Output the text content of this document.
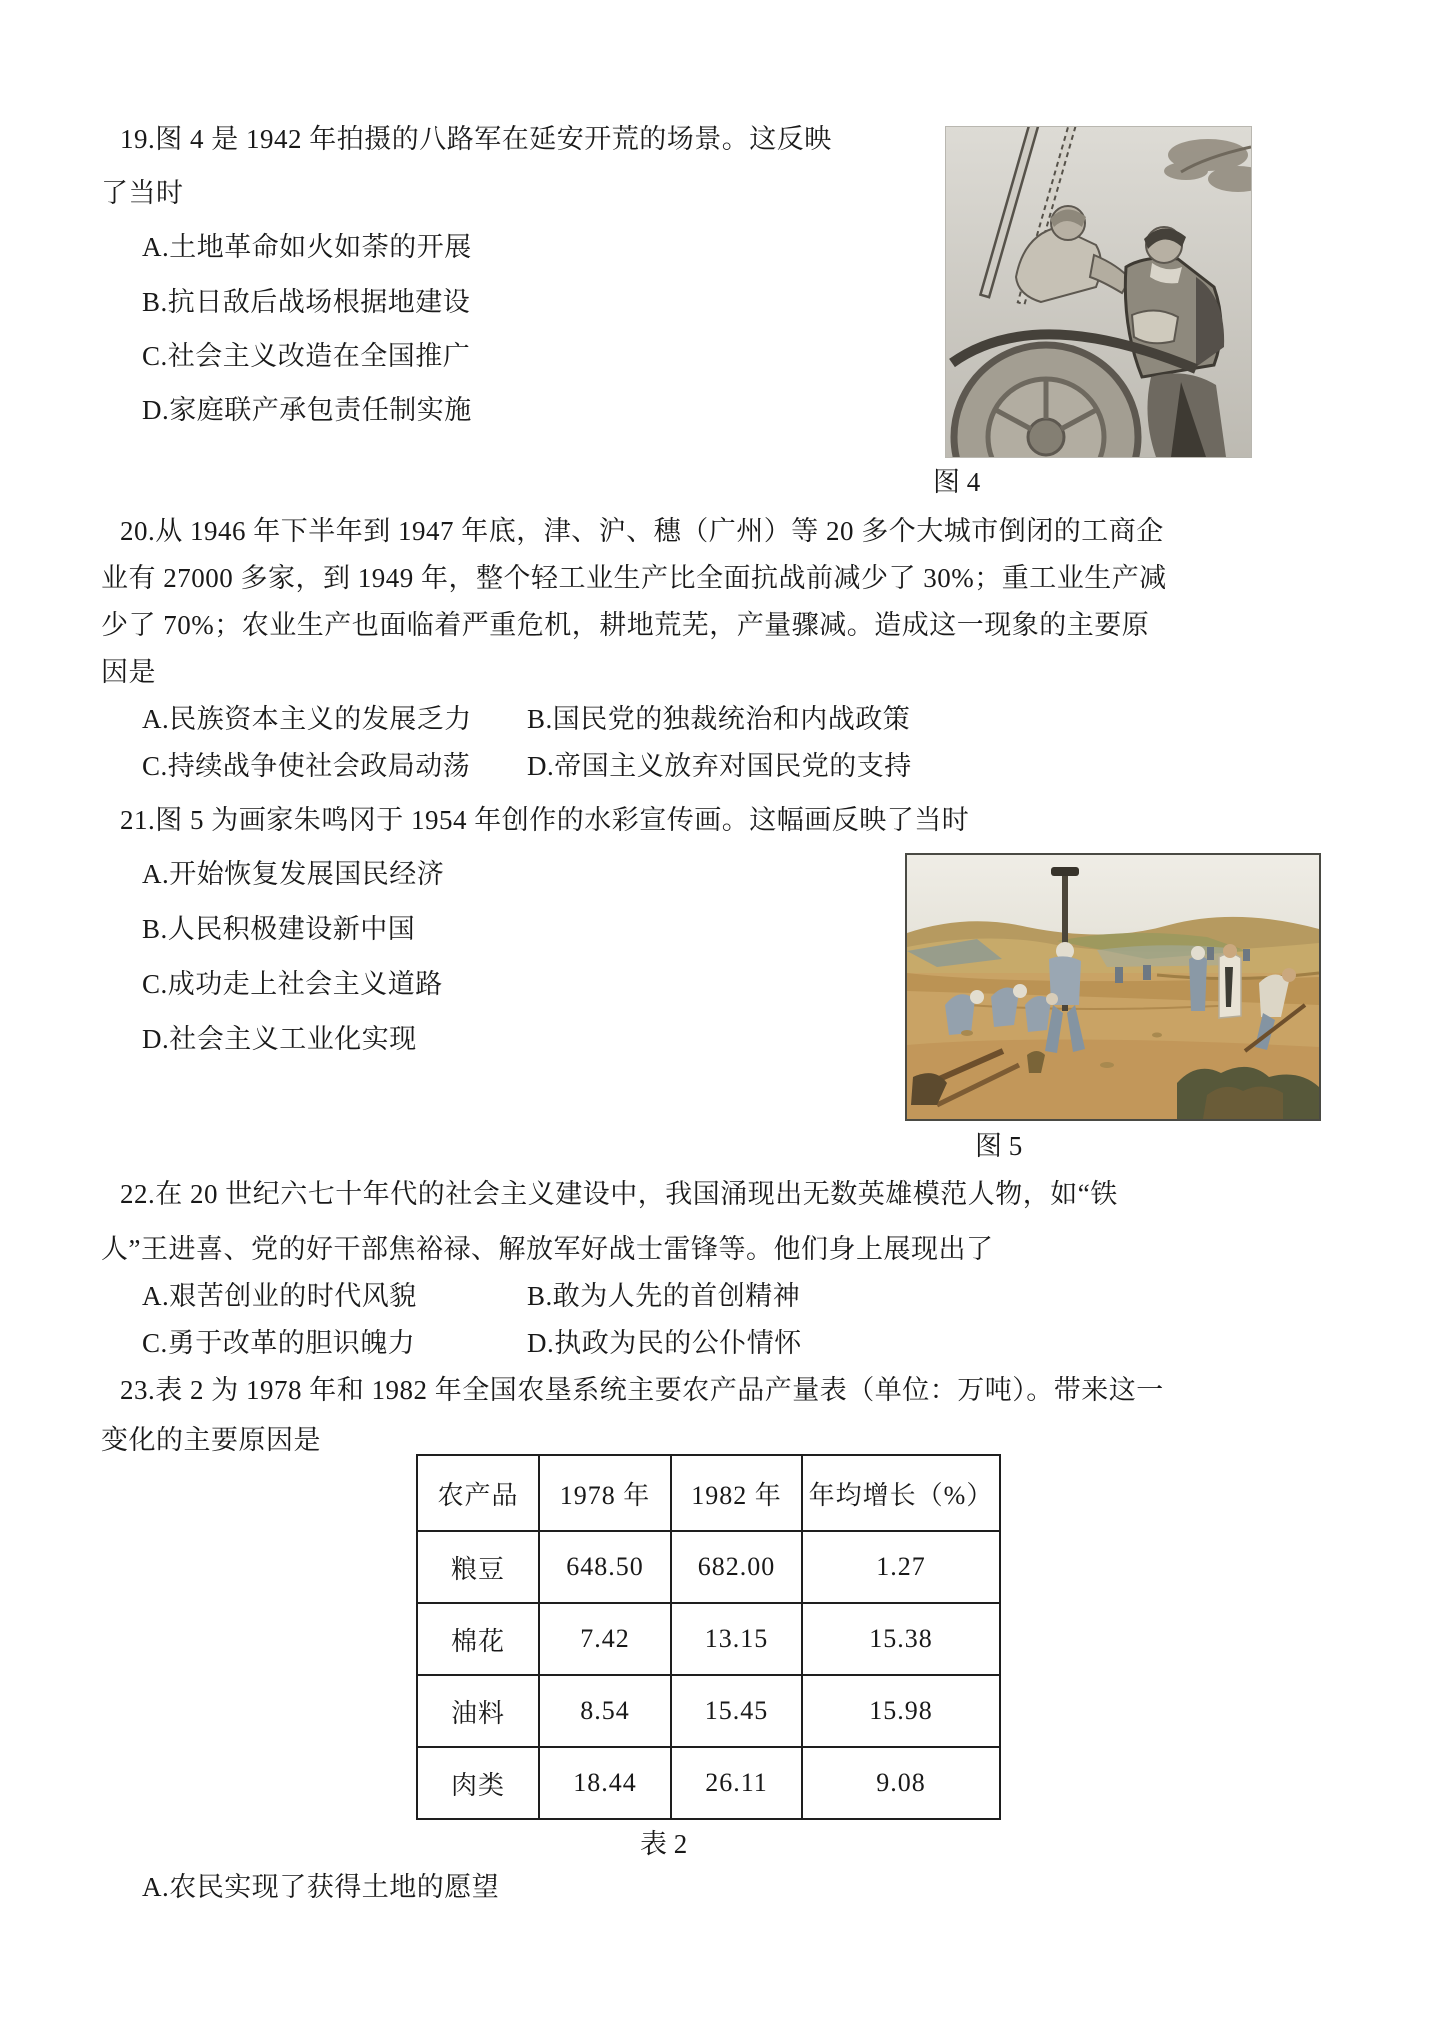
19.图 4 是 1942 年拍摄的八路军在延安开荒的场景。这反映
了当时
A.土地革命如火如荼的开展
B.抗日敌后战场根据地建设
C.社会主义改造在全国推广
D.家庭联产承包责任制实施
图 4
20.从 1946 年下半年到 1947 年底，津、沪、穗（广州）等 20 多个大城市倒闭的工商企
业有 27000 多家，到 1949 年，整个轻工业生产比全面抗战前减少了 30%；重工业生产减
少了 70%；农业生产也面临着严重危机，耕地荒芜，产量骤减。造成这一现象的主要原
因是
A.民族资本主义的发展乏力 B.国民党的独裁统治和内战政策
C.持续战争使社会政局动荡 D.帝国主义放弃对国民党的支持
21.图 5 为画家朱鸣冈于 1954 年创作的水彩宣传画。这幅画反映了当时
A.开始恢复发展国民经济
B.人民积极建设新中国
C.成功走上社会主义道路
D.社会主义工业化实现
图 5
22.在 20 世纪六七十年代的社会主义建设中，我国涌现出无数英雄模范人物，如“铁
人”王进喜、党的好干部焦裕禄、解放军好战士雷锋等。他们身上展现出了
A.艰苦创业的时代风貌	B.敢为人先的首创精神
C.勇于改革的胆识魄力	D.执政为民的公仆情怀
23.表 2 为 1978 年和 1982 年全国农垦系统主要农产品产量表（单位：万吨）。带来这一
变化的主要原因是
农产品	1978 年	1982 年	年均增长（%）
粮豆	648.50	682.00	1.27
棉花	7.42	13.15	15.38
油料	8.54	15.45	15.98
肉类	18.44	26.11	9.08
表 2
A.农民实现了获得土地的愿望
